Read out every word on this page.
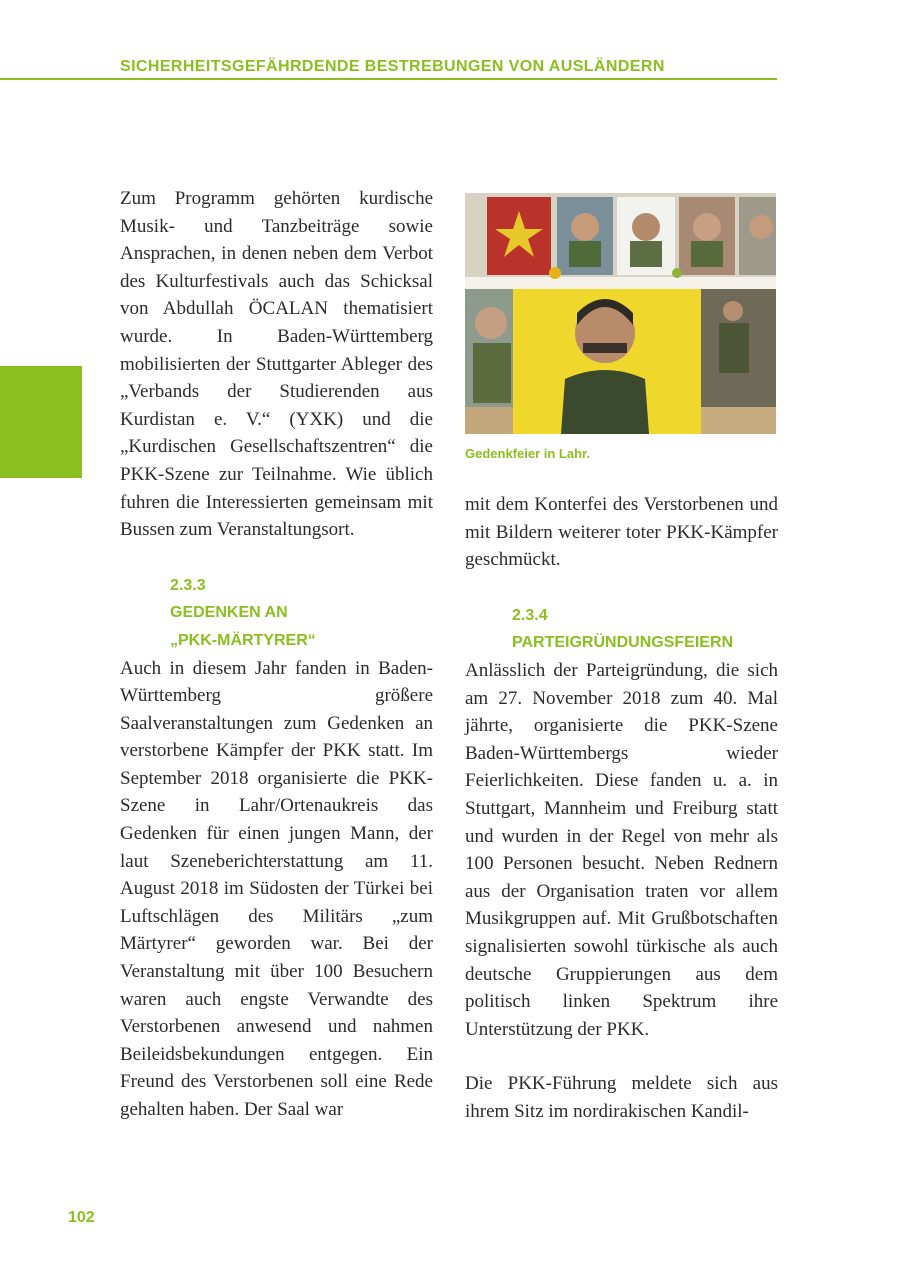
SICHERHEITSGEFÄHRDENDE BESTREBUNGEN VON AUSLÄNDERN

Zum Programm gehörten kurdische Musik- und Tanzbeiträge sowie Ansprachen, in denen neben dem Verbot des Kulturfestivals auch das Schicksal von Abdullah ÖCALAN thematisiert wurde. In Baden-Württemberg mobilisierten der Stuttgarter Ableger des „Verbands der Studierenden aus Kurdistan e. V.“ (YXK) und die „Kurdischen Gesellschaftszentren“ die PKK-Szene zur Teilnahme. Wie üblich fuhren die Interessierten gemeinsam mit Bussen zum Veranstaltungsort.

2.3.3
GEDENKEN AN
„PKK-MÄRTYRER“

Auch in diesem Jahr fanden in Baden-Württemberg größere Saalveranstaltungen zum Gedenken an verstorbene Kämpfer der PKK statt. Im September 2018 organisierte die PKK-Szene in Lahr/Ortenaukreis das Gedenken für einen jungen Mann, der laut Szeneberichterstattung am 11. August 2018 im Südosten der Türkei bei Luftschlägen des Militärs „zum Märtyrer“ geworden war. Bei der Veranstaltung mit über 100 Besuchern waren auch engste Verwandte des Verstorbenen anwesend und nahmen Beileidsbekundungen entgegen. Ein Freund des Verstorbenen soll eine Rede gehalten haben. Der Saal war

Gedenkfeier in Lahr.

mit dem Konterfei des Verstorbenen und mit Bildern weiterer toter PKK-Kämpfer geschmückt.

2.3.4
PARTEIGRÜNDUNGSFEIERN

Anlässlich der Parteigründung, die sich am 27. November 2018 zum 40. Mal jährte, organisierte die PKK-Szene Baden-Württembergs wieder Feierlichkeiten. Diese fanden u. a. in Stuttgart, Mannheim und Freiburg statt und wurden in der Regel von mehr als 100 Personen besucht. Neben Rednern aus der Organisation traten vor allem Musikgruppen auf. Mit Grußbotschaften signalisierten sowohl türkische als auch deutsche Gruppierungen aus dem politisch linken Spektrum ihre Unterstützung der PKK.

Die PKK-Führung meldete sich aus ihrem Sitz im nordirakischen Kandil-

102
